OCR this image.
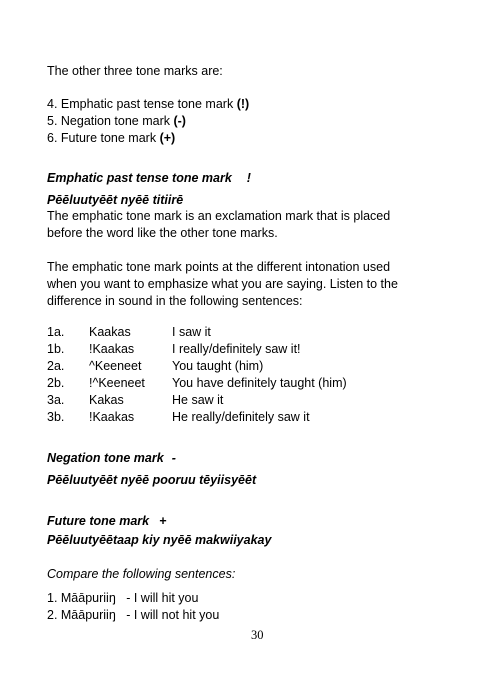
The other three tone marks are:
4. Emphatic past tense tone mark (!)
5. Negation tone mark (-)
6. Future tone mark (+)
Emphatic past tense tone mark !
Pēēluutyēēt nyēē titiirē
The emphatic tone mark is an exclamation mark that is placed
before the word like the other tone marks.
The emphatic tone mark points at the different intonation used
when you want to emphasize what you are saying. Listen to the
difference in sound in the following sentences:
1a. Kaakas	I saw it
1b. !Kaakas	I really/definitely saw it!
2a. ^Keeneet You taught (him)
2b. !^Keeneet You have definitely taught (him)
3a. Kakas	He saw it
3b. !Kaakas	He really/definitely saw it
Negation tone mark -
Pēēluutyēēt nyēē pooruu tēyiisyēēt
Future tone mark +
Pēēluutyēētaap kiy nyēē makwiiyakay
Compare the following sentences:
1. Māāpuriiŋ   - I will hit you
2. Māāpuriiŋ   - I will not hit you
30
